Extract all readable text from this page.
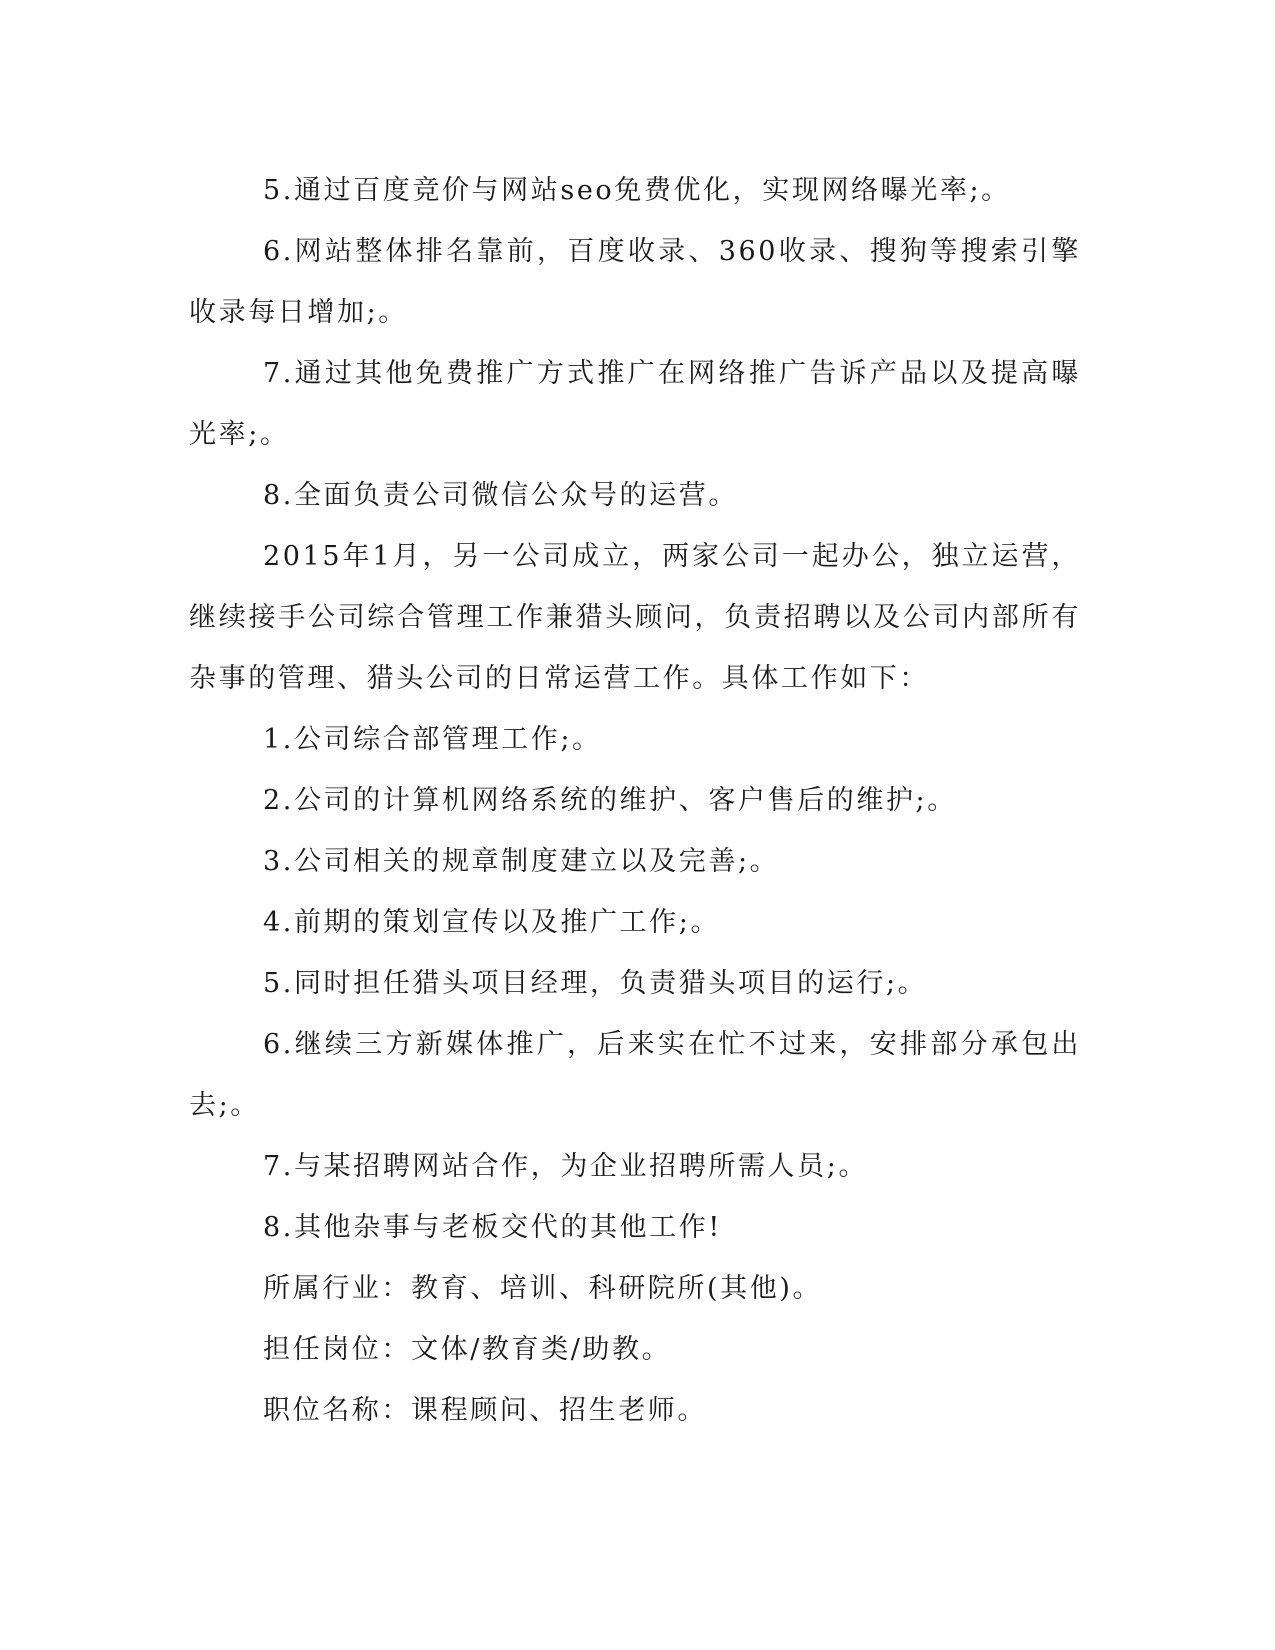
5.通过百度竞价与网站seo免费优化，实现网络曝光率;。

6.网站整体排名靠前，百度收录、360收录、搜狗等搜索引擎收录每日增加;。

7.通过其他免费推广方式推广在网络推广告诉产品以及提高曝光率;。

8.全面负责公司微信公众号的运营。

2015年1月，另一公司成立，两家公司一起办公，独立运营，继续接手公司综合管理工作兼猎头顾问，负责招聘以及公司内部所有杂事的管理、猎头公司的日常运营工作。具体工作如下：

1.公司综合部管理工作;。

2.公司的计算机网络系统的维护、客户售后的维护;。

3.公司相关的规章制度建立以及完善;。

4.前期的策划宣传以及推广工作;。

5.同时担任猎头项目经理，负责猎头项目的运行;。

6.继续三方新媒体推广，后来实在忙不过来，安排部分承包出去;。

7.与某招聘网站合作，为企业招聘所需人员;。

8.其他杂事与老板交代的其他工作!

所属行业：教育、培训、科研院所(其他)。

担任岗位：文体/教育类/助教。

职位名称：课程顾问、招生老师。
